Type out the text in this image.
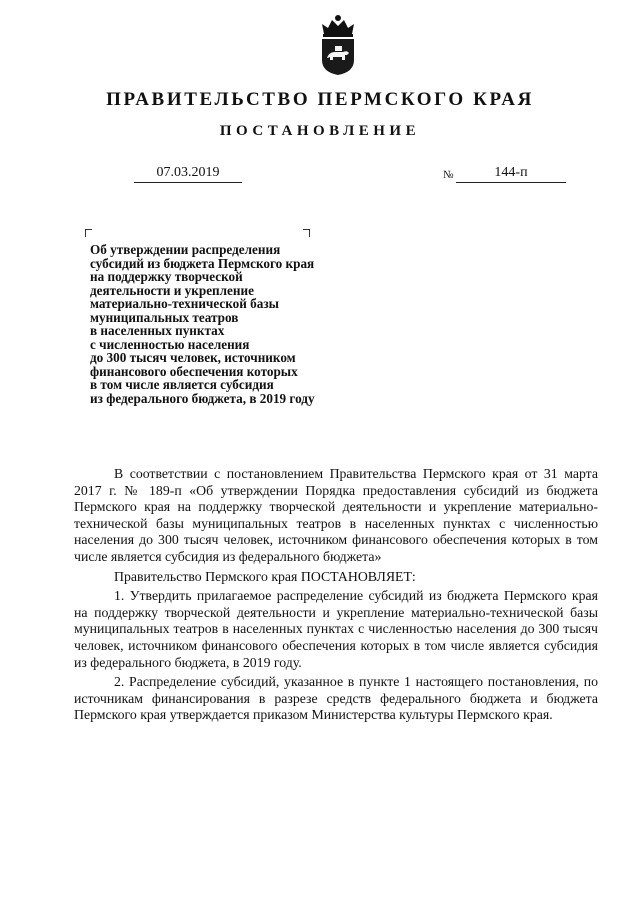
ПРАВИТЕЛЬСТВО ПЕРМСКОГО КРАЯ
ПОСТАНОВЛЕНИЕ
07.03.2019	№	144-п
Об утверждении распределения
субсидий из бюджета Пермского края
на поддержку творческой
деятельности и укрепление
материально-технической базы
муниципальных театров
в населенных пунктах
с численностью населения
до 300 тысяч человек, источником
финансового обеспечения которых
в том числе является субсидия
из федерального бюджета, в 2019 году

В соответствии с постановлением Правительства Пермского края от 31 марта 2017 г. № 189-п «Об утверждении Порядка предоставления субсидий из бюджета Пермского края на поддержку творческой деятельности и укрепление материально-технической базы муниципальных театров в населенных пунктах с численностью населения до 300 тысяч человек, источником финансового обеспечения которых в том числе является субсидия из федерального бюджета»

Правительство Пермского края ПОСТАНОВЛЯЕТ:

1. Утвердить прилагаемое распределение субсидий из бюджета Пермского края на поддержку творческой деятельности и укрепление материально-технической базы муниципальных театров в населенных пунктах с численностью населения до 300 тысяч человек, источником финансового обеспечения которых в том числе является субсидия из федерального бюджета, в 2019 году.

2. Распределение субсидий, указанное в пункте 1 настоящего постановления, по источникам финансирования в разрезе средств федерального бюджета и бюджета Пермского края утверждается приказом Министерства культуры Пермского края.
